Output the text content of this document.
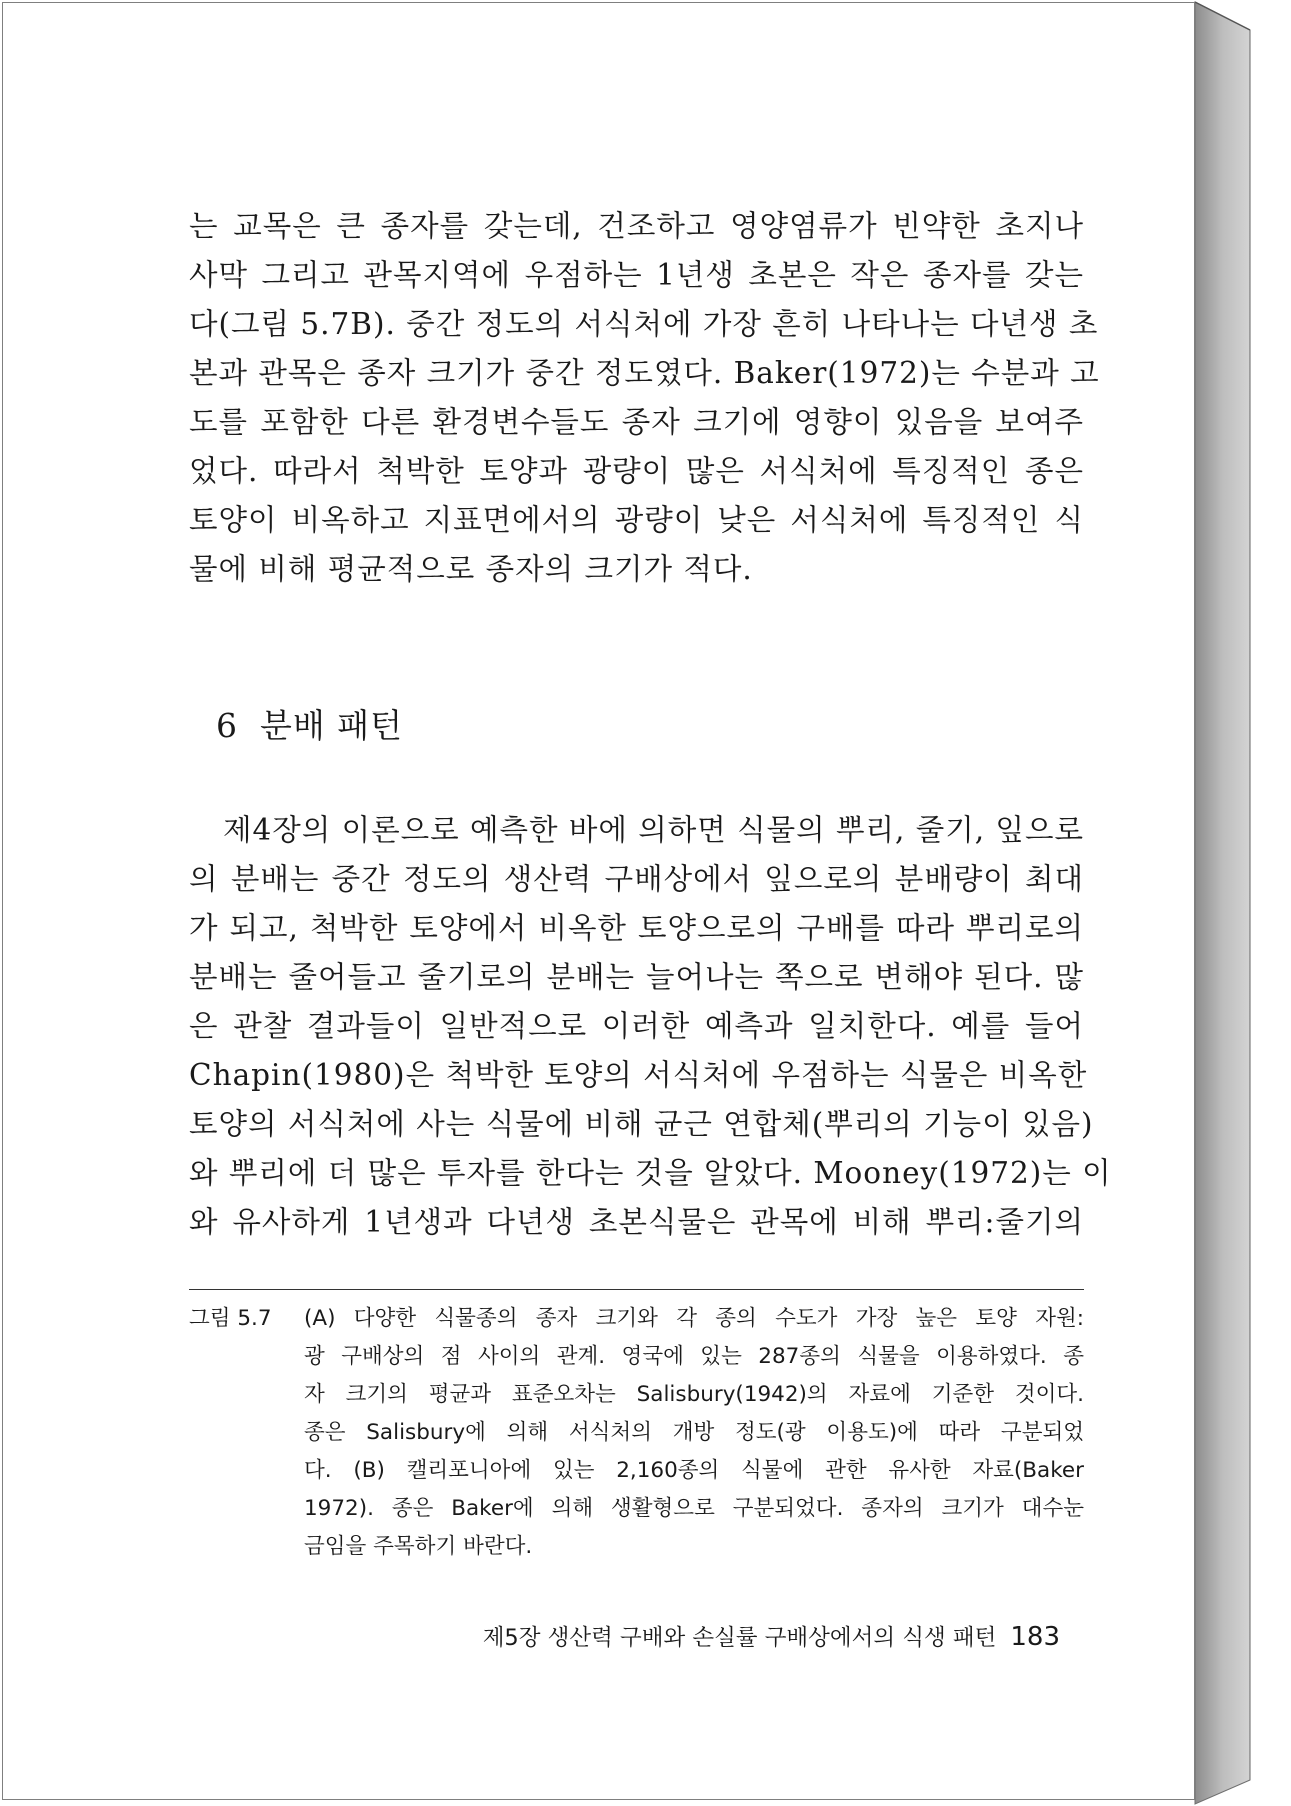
는 교목은 큰 종자를 갖는데, 건조하고 영양염류가 빈약한 초지나
사막 그리고 관목지역에 우점하는 1년생 초본은 작은 종자를 갖는
다(그림 5.7B). 중간 정도의 서식처에 가장 흔히 나타나는 다년생 초
본과 관목은 종자 크기가 중간 정도였다. Baker(1972)는 수분과 고
도를 포함한 다른 환경변수들도 종자 크기에 영향이 있음을 보여주
었다. 따라서 척박한 토양과 광량이 많은 서식처에 특징적인 종은
토양이 비옥하고 지표면에서의 광량이 낮은 서식처에 특징적인 식
물에 비해 평균적으로 종자의 크기가 적다.
6 분배 패턴
제4장의 이론으로 예측한 바에 의하면 식물의 뿌리, 줄기, 잎으로
의 분배는 중간 정도의 생산력 구배상에서 잎으로의 분배량이 최대
가 되고, 척박한 토양에서 비옥한 토양으로의 구배를 따라 뿌리로의
분배는 줄어들고 줄기로의 분배는 늘어나는 쪽으로 변해야 된다. 많
은 관찰 결과들이 일반적으로 이러한 예측과 일치한다. 예를 들어
Chapin(1980)은 척박한 토양의 서식처에 우점하는 식물은 비옥한
토양의 서식처에 사는 식물에 비해 균근 연합체(뿌리의 기능이 있음)
와 뿌리에 더 많은 투자를 한다는 것을 알았다. Mooney(1972)는 이
와 유사하게 1년생과 다년생 초본식물은 관목에 비해 뿌리:줄기의
그림 5.7 (A) 다양한 식물종의 종자 크기와 각 종의 수도가 가장 높은 토양 자원:
광 구배상의 점 사이의 관계. 영국에 있는 287종의 식물을 이용하였다. 종
자 크기의 평균과 표준오차는 Salisbury(1942)의 자료에 기준한 것이다.
종은 Salisbury에 의해 서식처의 개방 정도(광 이용도)에 따라 구분되었
다. (B) 캘리포니아에 있는 2,160종의 식물에 관한 유사한 자료(Baker
1972). 종은 Baker에 의해 생활형으로 구분되었다. 종자의 크기가 대수눈
금임을 주목하기 바란다.
제5장 생산력 구배와 손실률 구배상에서의 식생 패턴 183
